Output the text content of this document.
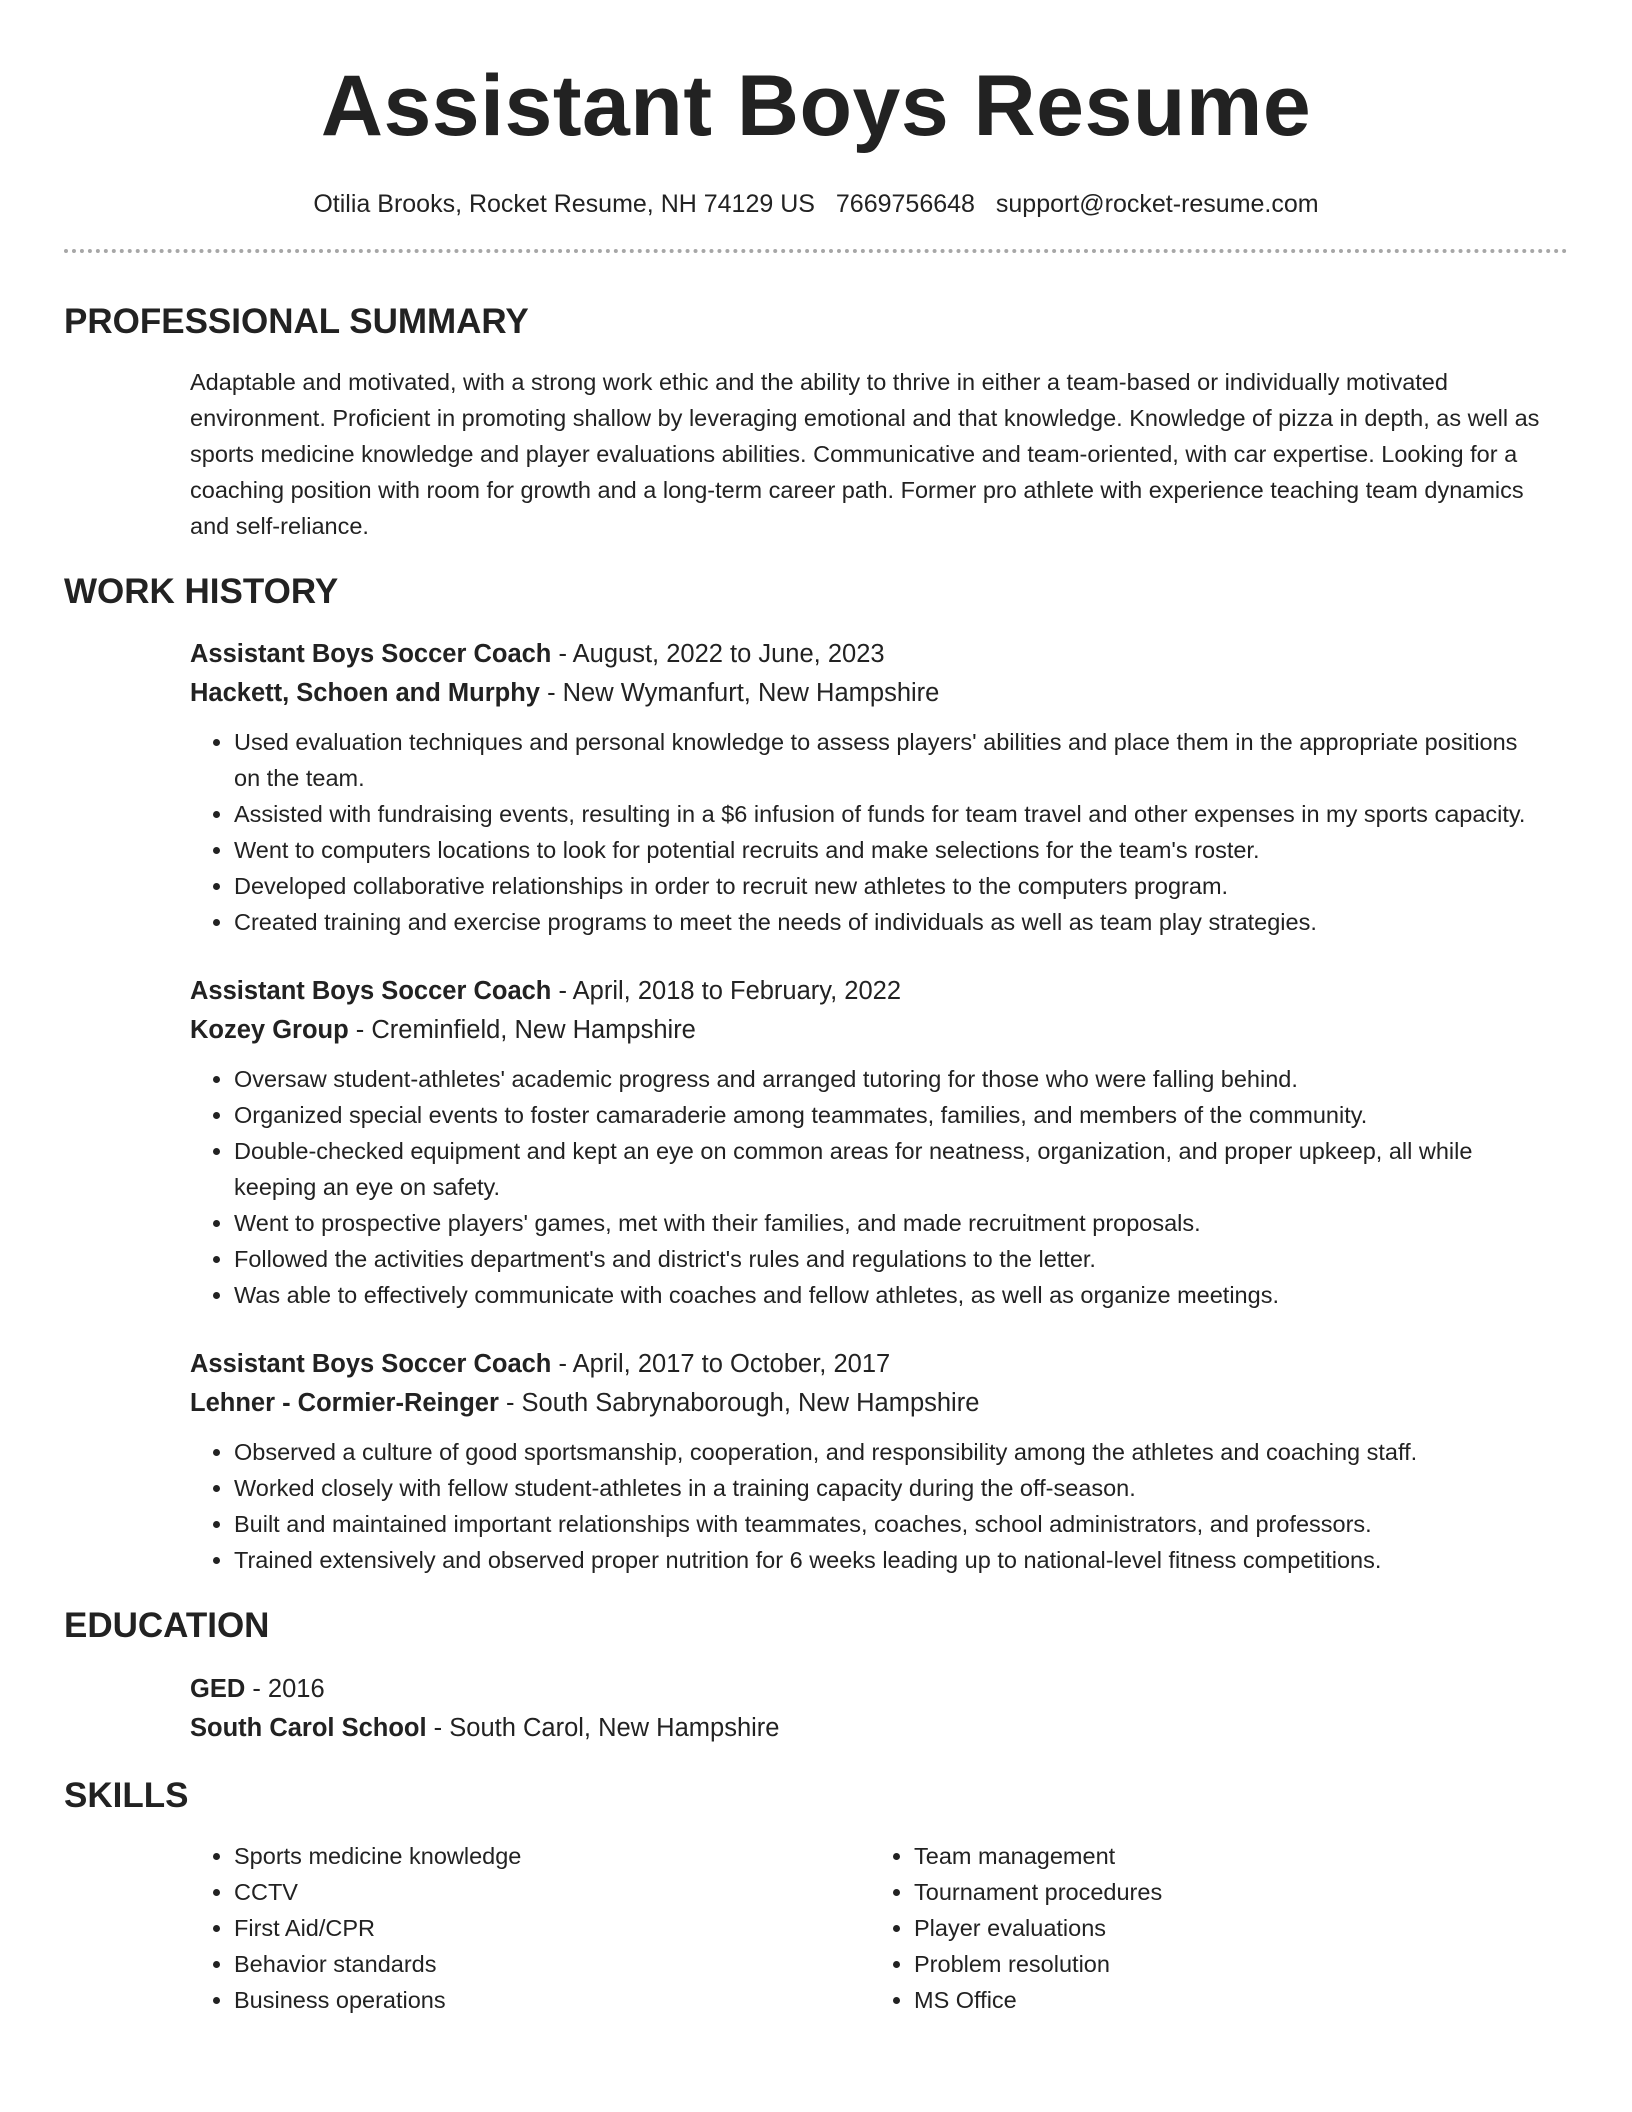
Assistant Boys Resume
Otilia Brooks, Rocket Resume, NH 74129 US 7669756648 support@rocket-resume.com
PROFESSIONAL SUMMARY
Adaptable and motivated, with a strong work ethic and the ability to thrive in either a team-based or individually motivated environment. Proficient in promoting shallow by leveraging emotional and that knowledge. Knowledge of pizza in depth, as well as sports medicine knowledge and player evaluations abilities. Communicative and team-oriented, with car expertise. Looking for a coaching position with room for growth and a long-term career path. Former pro athlete with experience teaching team dynamics and self-reliance.
WORK HISTORY
Assistant Boys Soccer Coach - August, 2022 to June, 2023
Hackett, Schoen and Murphy - New Wymanfurt, New Hampshire
• Used evaluation techniques and personal knowledge to assess players' abilities and place them in the appropriate positions on the team.
• Assisted with fundraising events, resulting in a $6 infusion of funds for team travel and other expenses in my sports capacity.
• Went to computers locations to look for potential recruits and make selections for the team's roster.
• Developed collaborative relationships in order to recruit new athletes to the computers program.
• Created training and exercise programs to meet the needs of individuals as well as team play strategies.
Assistant Boys Soccer Coach - April, 2018 to February, 2022
Kozey Group - Creminfield, New Hampshire
• Oversaw student-athletes' academic progress and arranged tutoring for those who were falling behind.
• Organized special events to foster camaraderie among teammates, families, and members of the community.
• Double-checked equipment and kept an eye on common areas for neatness, organization, and proper upkeep, all while keeping an eye on safety.
• Went to prospective players' games, met with their families, and made recruitment proposals.
• Followed the activities department's and district's rules and regulations to the letter.
• Was able to effectively communicate with coaches and fellow athletes, as well as organize meetings.
Assistant Boys Soccer Coach - April, 2017 to October, 2017
Lehner - Cormier-Reinger - South Sabrynaborough, New Hampshire
• Observed a culture of good sportsmanship, cooperation, and responsibility among the athletes and coaching staff.
• Worked closely with fellow student-athletes in a training capacity during the off-season.
• Built and maintained important relationships with teammates, coaches, school administrators, and professors.
• Trained extensively and observed proper nutrition for 6 weeks leading up to national-level fitness competitions.
EDUCATION
GED - 2016
South Carol School - South Carol, New Hampshire
SKILLS
• Sports medicine knowledge
• CCTV
• First Aid/CPR
• Behavior standards
• Business operations
• Team management
• Tournament procedures
• Player evaluations
• Problem resolution
• MS Office
